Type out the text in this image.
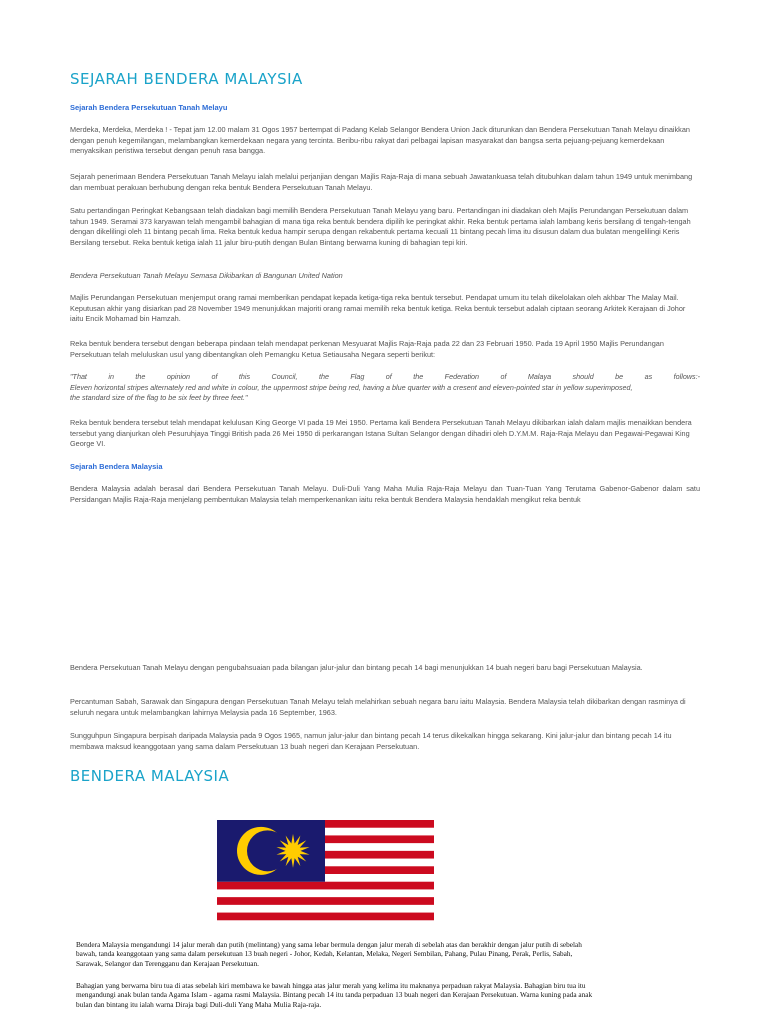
SEJARAH BENDERA MALAYSIA
Sejarah Bendera Persekutuan Tanah Melayu

Merdeka, Merdeka, Merdeka ! - Tepat jam 12.00 malam 31 Ogos 1957 bertempat di Padang Kelab Selangor Bendera Union Jack diturunkan dan Bendera Persekutuan Tanah Melayu dinaikkan dengan penuh kegemilangan, melambangkan kemerdekaan negara yang tercinta. Beribu-ribu rakyat dari pelbagai lapisan masyarakat dan bangsa serta pejuang-pejuang kemerdekaan menyaksikan peristiwa tersebut dengan penuh rasa bangga.

Sejarah penerimaan Bendera Persekutuan Tanah Melayu ialah melalui perjanjian dengan Majlis Raja-Raja di mana sebuah Jawatankuasa telah ditubuhkan dalam tahun 1949 untuk menimbang dan membuat perakuan berhubung dengan reka bentuk Bendera Persekutuan Tanah Melayu.

Satu pertandingan Peringkat Kebangsaan telah diadakan bagi memilih Bendera Persekutuan Tanah Melayu yang baru. Pertandingan ini diadakan oleh Majlis Perundangan Persekutuan dalam tahun 1949. Seramai 373 karyawan telah mengambil bahagian di mana tiga reka bentuk bendera dipilih ke peringkat akhir. Reka bentuk pertama ialah lambang keris bersilang di tengah-tengah dengan dikelilingi oleh 11 bintang pecah lima. Reka bentuk kedua hampir serupa dengan rekabentuk pertama kecuali 11 bintang pecah lima itu disusun dalam dua bulatan mengelilingi Keris Bersilang tersebut. Reka bentuk ketiga ialah 11 jalur biru-putih dengan Bulan Bintang berwarna kuning di bahagian tepi kiri.

Bendera Persekutuan Tanah Melayu Semasa Dikibarkan di Bangunan United Nation

Majlis Perundangan Persekutuan menjemput orang ramai memberikan pendapat kepada ketiga-tiga reka bentuk tersebut. Pendapat umum itu telah dikelolakan oleh akhbar The Malay Mail. Keputusan akhir yang disiarkan pad 28 November 1949 menunjukkan majoriti orang ramai memilih reka bentuk ketiga. Reka bentuk tersebut adalah ciptaan seorang Arkitek Kerajaan di Johor iaitu Encik Mohamad bin Hamzah.

Reka bentuk bendera tersebut dengan beberapa pindaan telah mendapat perkenan Mesyuarat Majlis Raja-Raja pada 22 dan 23 Februari 1950. Pada 19 April 1950 Majlis Perundangan Persekutuan telah meluluskan usul yang dibentangkan oleh Pemangku Ketua Setiausaha Negara seperti berikut:

"That in the opinion of this Council, the Flag of the Federation of Malaya should be as follows:-

Eleven horizontal stripes alternately red and white in colour, the uppermost stripe being red, having a blue quarter with a cresent and eleven-pointed star in yellow superimposed,

the standard size of the flag to be six feet by three feet."

Reka bentuk bendera tersebut telah mendapat kelulusan King George VI pada 19 Mei 1950. Pertama kali Bendera Persekutuan Tanah Melayu dikibarkan ialah dalam majlis menaikkan bendera tersebut yang dianjurkan oleh Pesuruhjaya Tinggi British pada 26 Mei 1950 di perkarangan Istana Sultan Selangor dengan dihadiri oleh D.Y.M.M. Raja-Raja Melayu dan Pegawai-Pegawai King George VI.

Sejarah Bendera Malaysia

Bendera Malaysia adalah berasal dari Bendera Persekutuan Tanah Melayu. Duli-Duli Yang Maha Mulia Raja-Raja Melayu dan Tuan-Tuan Yang Terutama Gabenor-Gabenor dalam satu Persidangan Majlis Raja-Raja menjelang pembentukan Malaysia telah memperkenankan iaitu reka bentuk Bendera Malaysia hendaklah mengikut reka bentuk

Bendera Persekutuan Tanah Melayu dengan pengubahsuaian pada bilangan jalur-jalur dan bintang pecah 14 bagi menunjukkan 14 buah negeri baru bagi Persekutuan Malaysia.

Percantuman Sabah, Sarawak dan Singapura dengan Persekutuan Tanah Melayu telah melahirkan sebuah negara baru iaitu Malaysia. Bendera Malaysia telah dikibarkan dengan rasminya di seluruh negara untuk melambangkan lahirnya Melaysia pada 16 September, 1963.

Sungguhpun Singapura berpisah daripada Malaysia pada 9 Ogos 1965, namun jalur-jalur dan bintang pecah 14 terus dikekalkan hingga sekarang. Kini jalur-jalur dan bintang pecah 14 itu membawa maksud keanggotaan yang sama dalam Persekutuan 13 buah negeri dan Kerajaan Persekutuan.

BENDERA MALAYSIA

Bendera Malaysia mengandungi 14 jalur merah dan putih (melintang) yang sama lebar bermula dengan jalur merah di sebelah atas dan berakhir dengan jalur putih di sebelah bawah, tanda keanggotaan yang sama dalam persekutuan 13 buah negeri - Johor, Kedah, Kelantan, Melaka, Negeri Sembilan, Pahang, Pulau Pinang, Perak, Perlis, Sabah, Sarawak, Selangor dan Terengganu dan Kerajaan Persekutuan.

Bahagian yang berwarna biru tua di atas sebelah kiri membawa ke bawah hingga atas jalur merah yang kelima itu maknanya perpaduan rakyat Malaysia. Bahagian biru tua itu mengandungi anak bulan tanda Agama Islam - agama rasmi Malaysia. Bintang pecah 14 itu tanda perpaduan 13 buah negeri dan Kerajaan Persekutuan. Warna kuning pada anak bulan dan bintang itu ialah warna Diraja bagi Duli-duli Yang Maha Mulia Raja-raja.
